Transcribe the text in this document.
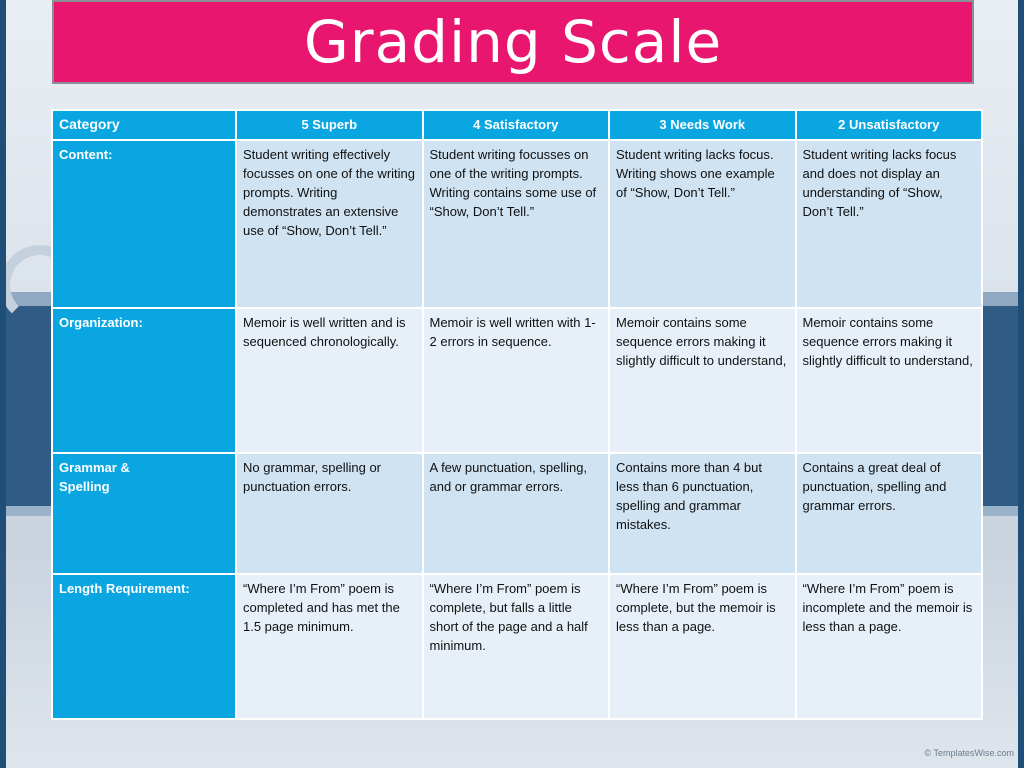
Grading Scale
Category	5 Superb	4 Satisfactory	3 Needs Work	2 Unsatisfactory
Content:	Student writing effectively focusses on one of the writing prompts. Writing demonstrates an extensive use of “Show, Don’t Tell.”	Student writing focusses on one of the writing prompts. Writing contains some use of “Show, Don’t Tell.”	Student writing lacks focus. Writing shows one example of “Show, Don’t Tell.”	Student writing lacks focus and does not display an understanding of “Show, Don’t Tell.”
Organization:	Memoir is well written and is sequenced chronologically.	Memoir is well written with 1-2 errors in sequence.	Memoir contains some sequence errors making it slightly difficult to understand,	Memoir contains some sequence errors making it slightly difficult to understand,
Grammar &
Spelling	No grammar, spelling or punctuation errors.	A few punctuation, spelling, and or grammar errors.	Contains more than 4 but less than 6 punctuation, spelling and grammar mistakes.	Contains a great deal of punctuation, spelling and grammar errors.
Length Requirement:	“Where I’m From” poem is completed and has met the 1.5 page minimum.	“Where I’m From” poem is complete, but falls a little short of the page and a half minimum.	“Where I’m From” poem is complete, but the memoir is less than a page.	“Where I’m From” poem is incomplete and the memoir is less than a page.
© TemplatesWise.com
